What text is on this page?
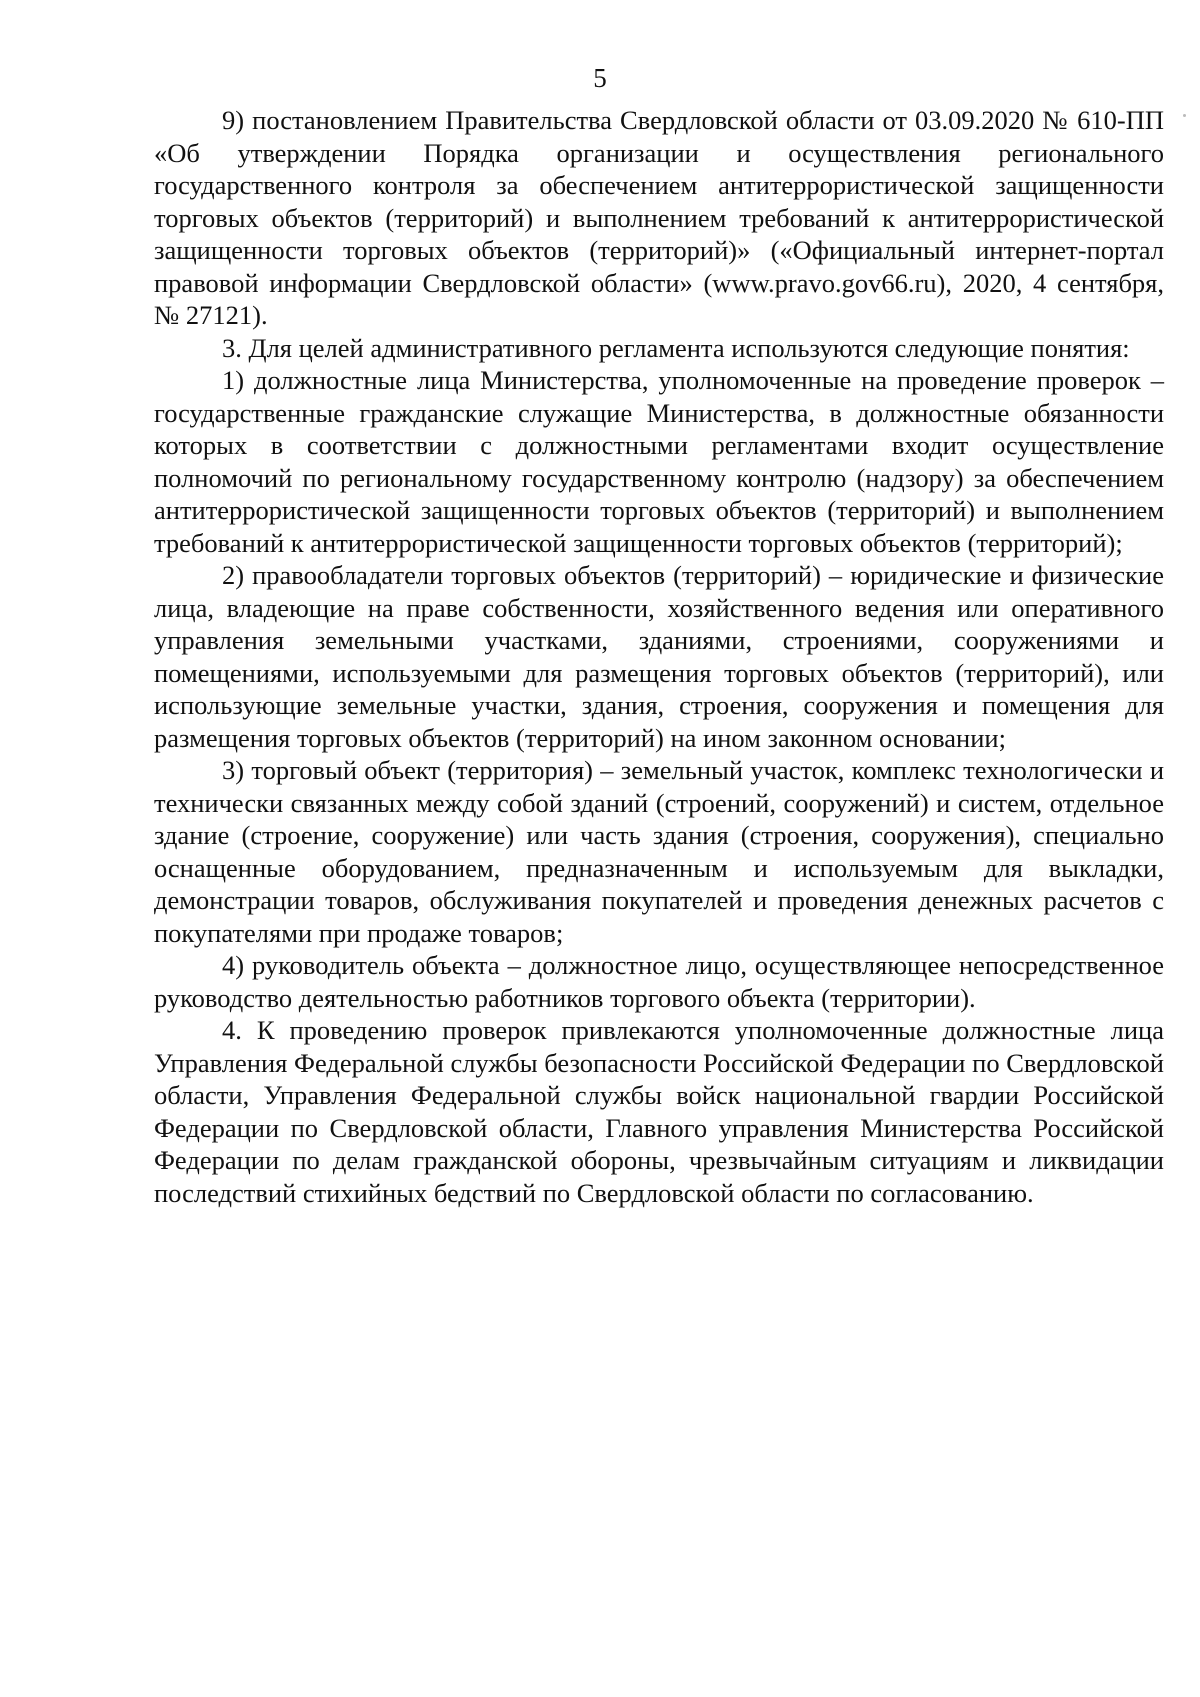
5

9) постановлением Правительства Свердловской области от 03.09.2020 № 610-ПП «Об утверждении Порядка организации и осуществления регионального государственного контроля за обеспечением антитеррористической защищенности торговых объектов (территорий) и выполнением требований к антитеррористической защищенности торговых объектов (территорий)» («Официальный интернет-портал правовой информации Свердловской области» (www.pravo.gov66.ru), 2020, 4 сентября, № 27121).

3. Для целей административного регламента используются следующие понятия:

1) должностные лица Министерства, уполномоченные на проведение проверок – государственные гражданские служащие Министерства, в должностные обязанности которых в соответствии с должностными регламентами входит осуществление полномочий по региональному государственному контролю (надзору) за обеспечением антитеррористической защищенности торговых объектов (территорий) и выполнением требований к антитеррористической защищенности торговых объектов (территорий);

2) правообладатели торговых объектов (территорий) – юридические и физические лица, владеющие на праве собственности, хозяйственного ведения или оперативного управления земельными участками, зданиями, строениями, сооружениями и помещениями, используемыми для размещения торговых объектов (территорий), или использующие земельные участки, здания, строения, сооружения и помещения для размещения торговых объектов (территорий) на ином законном основании;

3) торговый объект (территория) – земельный участок, комплекс технологически и технически связанных между собой зданий (строений, сооружений) и систем, отдельное здание (строение, сооружение) или часть здания (строения, сооружения), специально оснащенные оборудованием, предназначенным и используемым для выкладки, демонстрации товаров, обслуживания покупателей и проведения денежных расчетов с покупателями при продаже товаров;

4) руководитель объекта – должностное лицо, осуществляющее непосредственное руководство деятельностью работников торгового объекта (территории).

4. К проведению проверок привлекаются уполномоченные должностные лица Управления Федеральной службы безопасности Российской Федерации по Свердловской области, Управления Федеральной службы войск национальной гвардии Российской Федерации по Свердловской области, Главного управления Министерства Российской Федерации по делам гражданской обороны, чрезвычайным ситуациям и ликвидации последствий стихийных бедствий по Свердловской области по согласованию.
